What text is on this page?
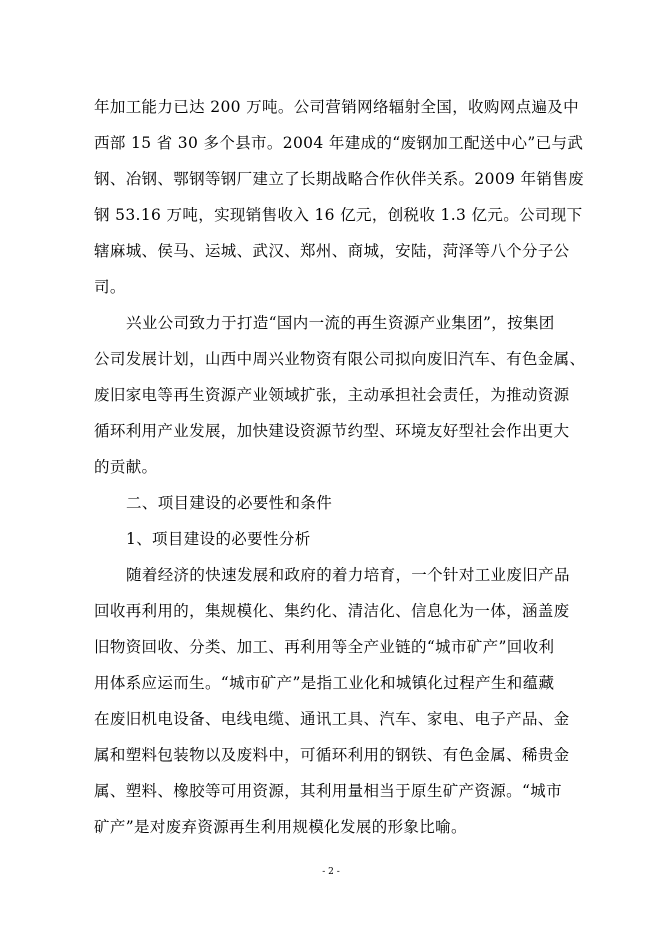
年加工能力已达 200 万吨。公司营销网络辐射全国，收购网点遍及中
西部 15 省 30 多个县市。2004 年建成的“废钢加工配送中心”已与武
钢、冶钢、鄂钢等钢厂建立了长期战略合作伙伴关系。2009 年销售废
钢 53.16 万吨，实现销售收入 16 亿元，创税收 1.3 亿元。公司现下
辖麻城、侯马、运城、武汉、郑州、商城，安陆，菏泽等八个分子公
司。
兴业公司致力于打造“国内一流的再生资源产业集团”，按集团
公司发展计划，山西中周兴业物资有限公司拟向废旧汽车、有色金属、
废旧家电等再生资源产业领域扩张，主动承担社会责任，为推动资源
循环利用产业发展，加快建设资源节约型、环境友好型社会作出更大
的贡献。
二、项目建设的必要性和条件
1、项目建设的必要性分析
随着经济的快速发展和政府的着力培育，一个针对工业废旧产品
回收再利用的，集规模化、集约化、清洁化、信息化为一体，涵盖废
旧物资回收、分类、加工、再利用等全产业链的“城市矿产”回收利
用体系应运而生。“城市矿产”是指工业化和城镇化过程产生和蕴藏
在废旧机电设备、电线电缆、通讯工具、汽车、家电、电子产品、金
属和塑料包装物以及废料中，可循环利用的钢铁、有色金属、稀贵金
属、塑料、橡胶等可用资源，其利用量相当于原生矿产资源。“城市
矿产”是对废弃资源再生利用规模化发展的形象比喻。
- 2 -
